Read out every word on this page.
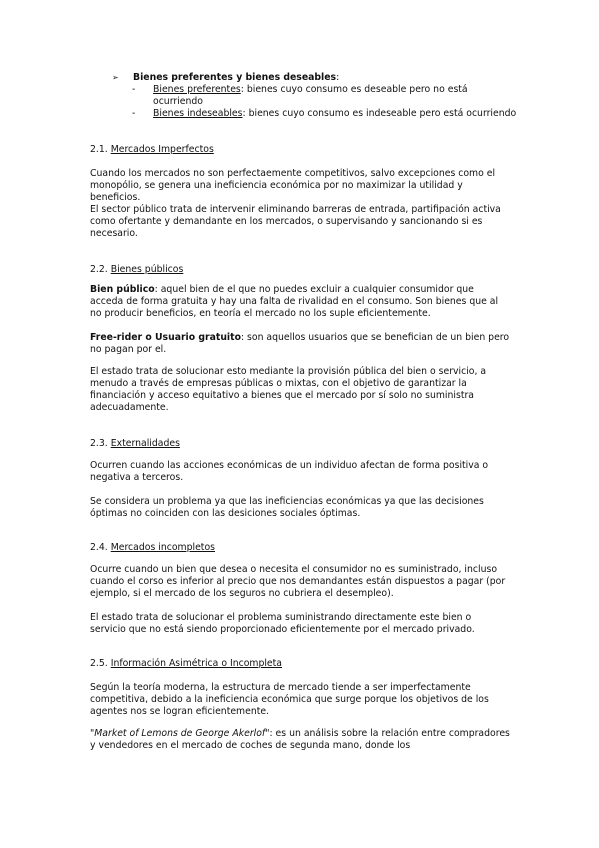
➢ Bienes preferentes y bienes deseables:
- Bienes preferentes: bienes cuyo consumo es deseable pero no está ocurriendo
- Bienes indeseables: bienes cuyo consumo es indeseable pero está ocurriendo

2.1. Mercados Imperfectos

Cuando los mercados no son perfectaemente competitivos, salvo excepciones como el monopólio, se genera una ineficiencia económica por no maximizar la utilidad y beneficios.

El sector público trata de intervenir eliminando barreras de entrada, partifipación activa como ofertante y demandante en los mercados, o supervisando y sancionando si es necesario.

2.2. Bienes públicos

Bien público: aquel bien de el que no puedes excluir a cualquier consumidor que acceda de forma gratuita y hay una falta de rivalidad en el consumo. Son bienes que al no producir beneficios, en teoría el mercado no los suple eficientemente.

Free-rider o Usuario gratuito: son aquellos usuarios que se benefician de un bien pero no pagan por el.

El estado trata de solucionar esto mediante la provisión pública del bien o servicio, a menudo a través de empresas públicas o mixtas, con el objetivo de garantizar la financiación y acceso equitativo a bienes que el mercado por sí solo no suministra adecuadamente.

2.3. Externalidades

Ocurren cuando las acciones económicas de un individuo afectan de forma positiva o negativa a terceros.

Se considera un problema ya que las ineficiencias económicas ya que las decisiones óptimas no coinciden con las desiciones sociales óptimas.

2.4. Mercados incompletos

Ocurre cuando un bien que desea o necesita el consumidor no es suministrado, incluso cuando el corso es inferior al precio que nos demandantes están dispuestos a pagar (por ejemplo, si el mercado de los seguros no cubriera el desempleo).

El estado trata de solucionar el problema suministrando directamente este bien o servicio que no está siendo proporcionado eficientemente por el mercado privado.

2.5. Información Asimétrica o Incompleta

Según la teoría moderna, la estructura de mercado tiende a ser imperfectamente competitiva, debido a la ineficiencia económica que surge porque los objetivos de los agentes nos se logran eficientemente.

"Market of Lemons de George Akerlof": es un análisis sobre la relación entre compradores y vendedores en el mercado de coches de segunda mano, donde los
